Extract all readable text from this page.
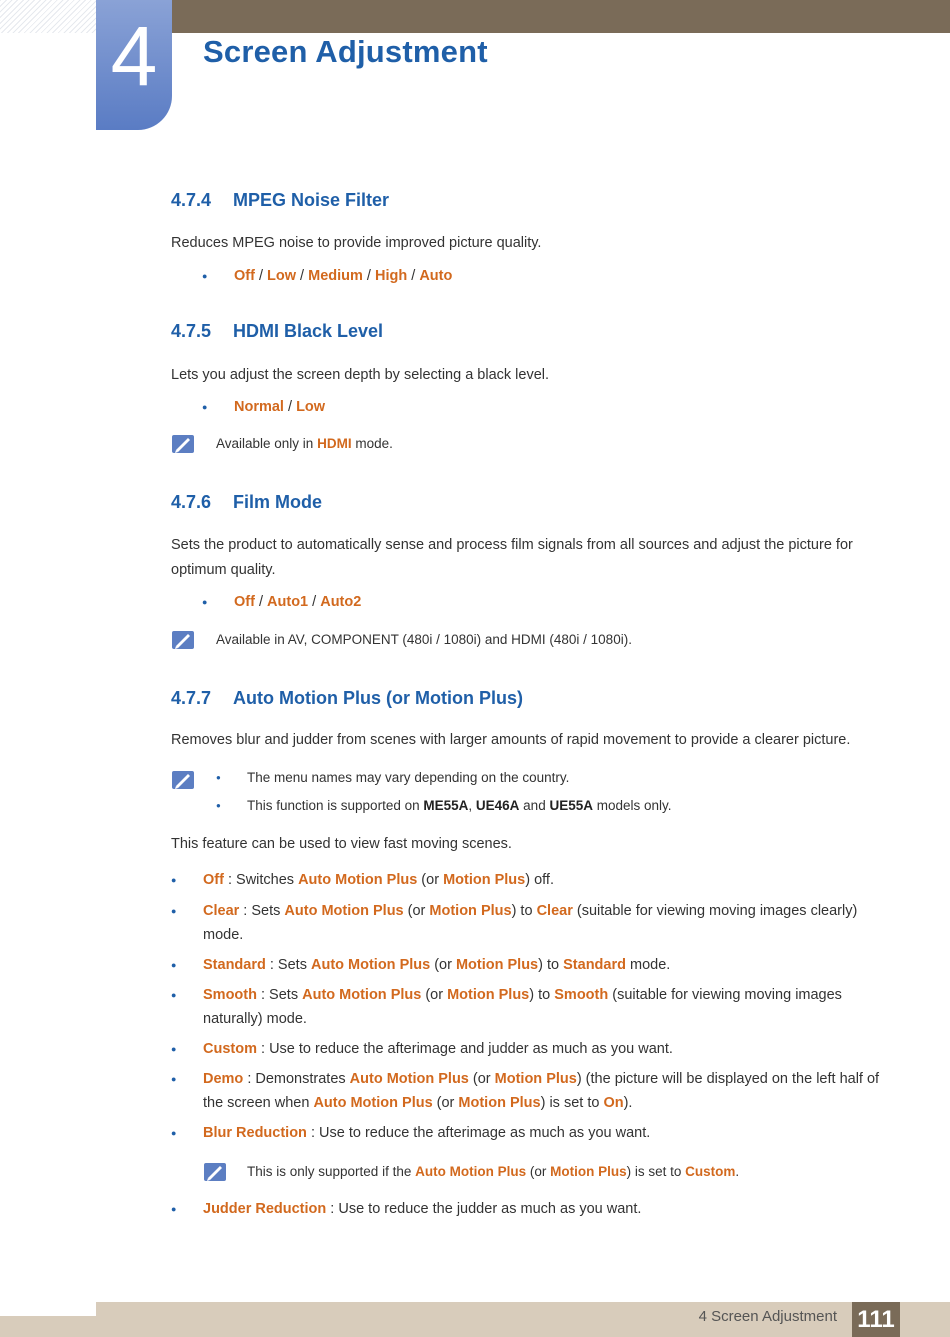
4	Screen Adjustment
4.7.4 MPEG Noise Filter

Reduces MPEG noise to provide improved picture quality.

●
Off / Low / Medium / High / Auto
4.7.5 HDMI Black Level

Lets you adjust the screen depth by selecting a black level.

●
Normal / Low
Available only in HDMI mode.
4.7.6 Film Mode

Sets the product to automatically sense and process film signals from all sources and adjust the picture for optimum quality.

●
Off / Auto1 / Auto2
Available in AV, COMPONENT (480i / 1080i) and HDMI (480i / 1080i).
4.7.7 Auto Motion Plus (or Motion Plus)

Removes blur and judder from scenes with larger amounts of rapid movement to provide a clearer picture.

●
The menu names may vary depending on the country.
●
This function is supported on ME55A, UE46A and UE55A models only.

This feature can be used to view fast moving scenes.

●
Off : Switches Auto Motion Plus (or Motion Plus) off.
●
Clear : Sets Auto Motion Plus (or Motion Plus) to Clear (suitable for viewing moving images clearly) mode.
●
Standard : Sets Auto Motion Plus (or Motion Plus) to Standard mode.
●
Smooth : Sets Auto Motion Plus (or Motion Plus) to Smooth (suitable for viewing moving images naturally) mode.
●
Custom : Use to reduce the afterimage and judder as much as you want.
●
Demo : Demonstrates Auto Motion Plus (or Motion Plus) (the picture will be displayed on the left half of the screen when Auto Motion Plus (or Motion Plus) is set to On).
●
Blur Reduction : Use to reduce the afterimage as much as you want.
This is only supported if the Auto Motion Plus (or Motion Plus) is set to Custom.
●
Judder Reduction : Use to reduce the judder as much as you want.
4 Screen Adjustment 111
